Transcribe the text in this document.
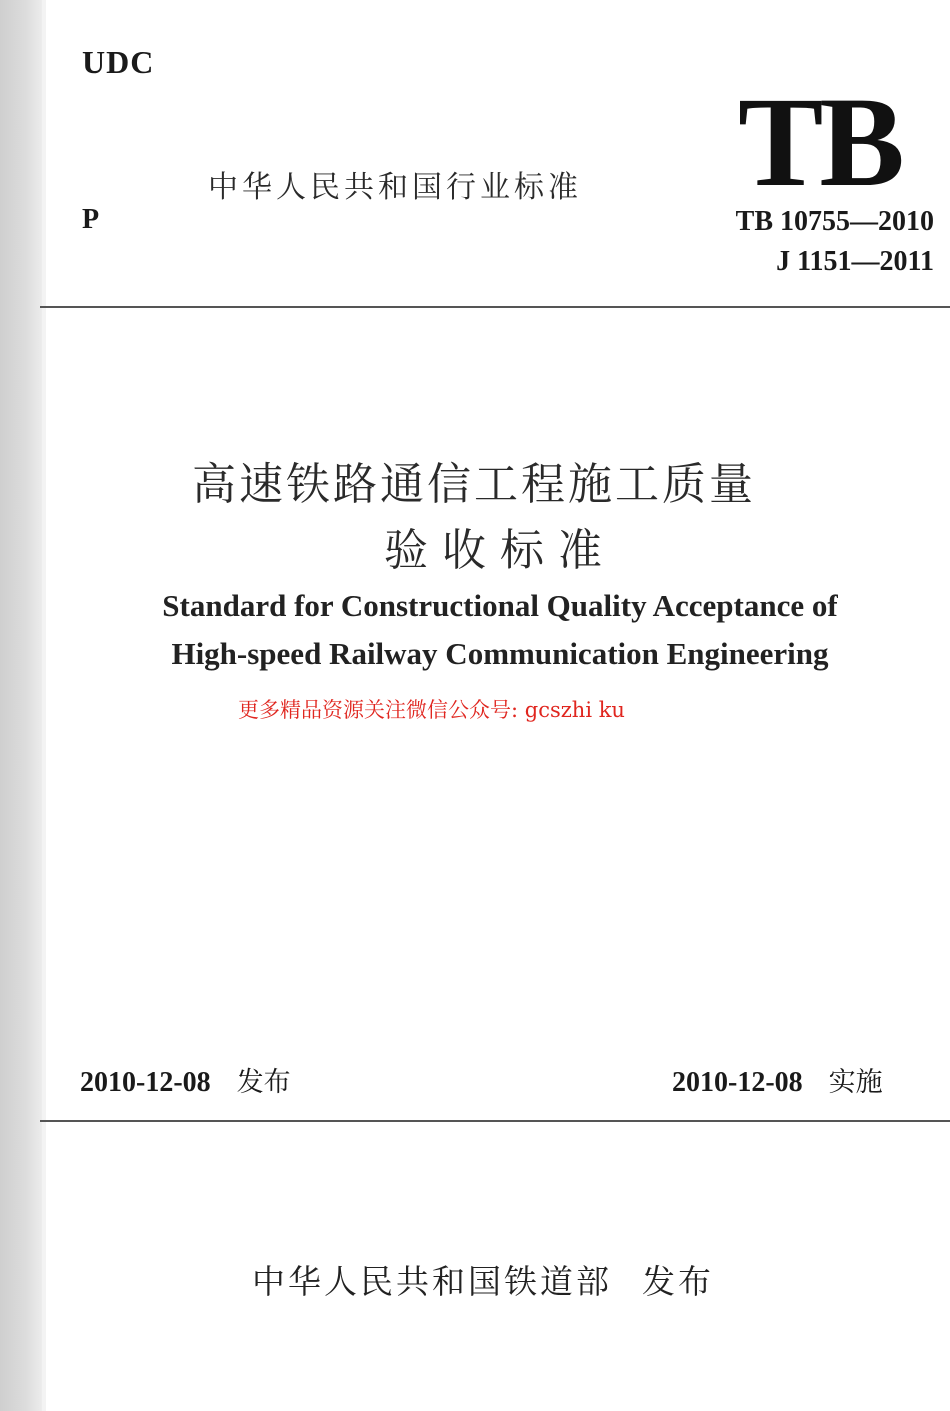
UDC
P
中华人民共和国行业标准 TB
TB 10755—2010
J 1151—2011
高速铁路通信工程施工质量
验收标准
Standard for Constructional Quality Acceptance of
High-speed Railway Communication Engineering
更多精品资源关注微信公众号: gcszhi ku
2010-12-08 发布	2010-12-08 实施
中华人民共和国铁道部 发布
